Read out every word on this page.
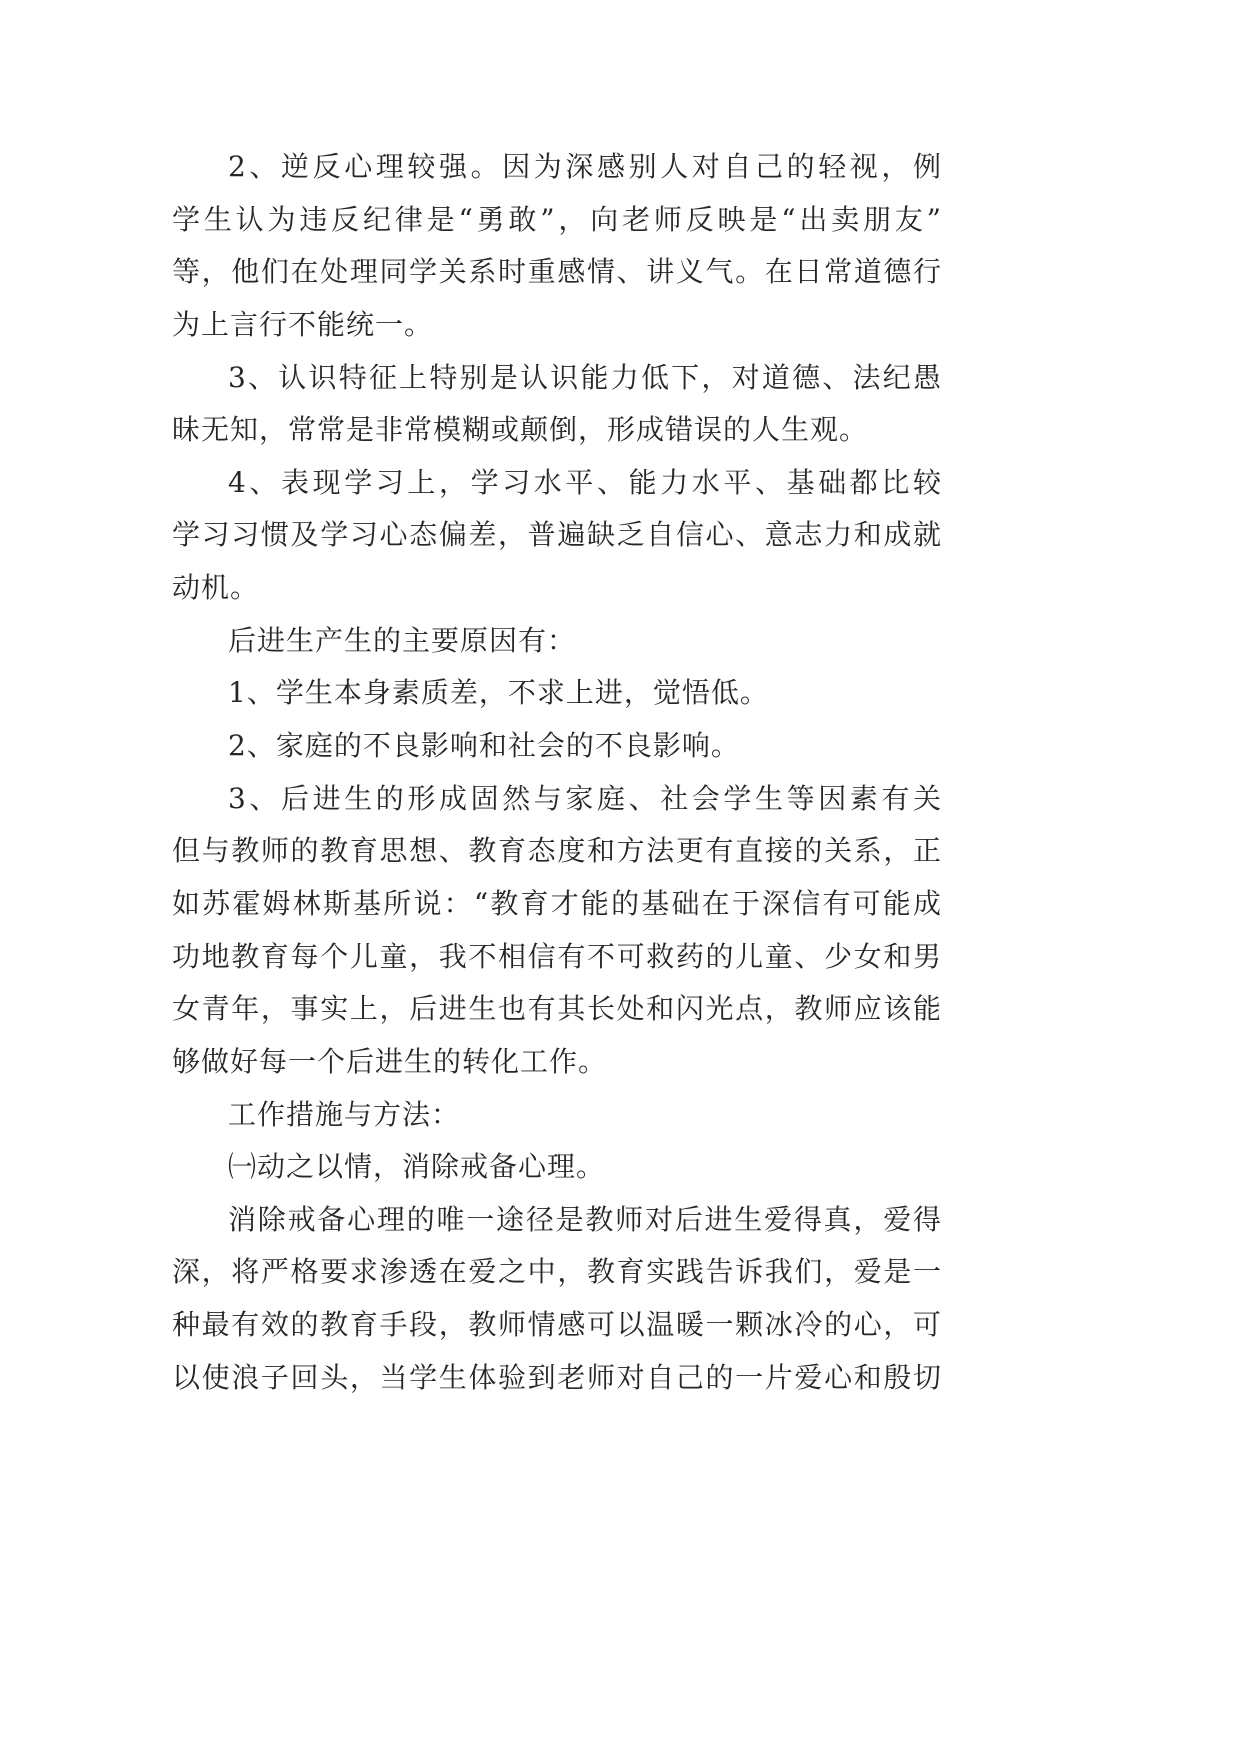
2、逆反心理较强。因为深感别人对自己的轻视，例
学生认为违反纪律是“勇敢”，向老师反映是“出卖朋友”
等，他们在处理同学关系时重感情、讲义气。在日常道德行
为上言行不能统一。
3、认识特征上特别是认识能力低下，对道德、法纪愚
昧无知，常常是非常模糊或颠倒，形成错误的人生观。
4、表现学习上，学习水平、能力水平、基础都比较
学习习惯及学习心态偏差，普遍缺乏自信心、意志力和成就
动机。
后进生产生的主要原因有：
1、学生本身素质差，不求上进，觉悟低。
2、家庭的不良影响和社会的不良影响。
3、后进生的形成固然与家庭、社会学生等因素有关
但与教师的教育思想、教育态度和方法更有直接的关系，正
如苏霍姆林斯基所说：“教育才能的基础在于深信有可能成
功地教育每个儿童，我不相信有不可救药的儿童、少女和男
女青年，事实上，后进生也有其长处和闪光点，教师应该能
够做好每一个后进生的转化工作。
工作措施与方法：
㈠动之以情，消除戒备心理。
消除戒备心理的唯一途径是教师对后进生爱得真，爱得
深，将严格要求渗透在爱之中，教育实践告诉我们，爱是一
种最有效的教育手段，教师情感可以温暖一颗冰冷的心，可
以使浪子回头，当学生体验到老师对自己的一片爱心和殷切
